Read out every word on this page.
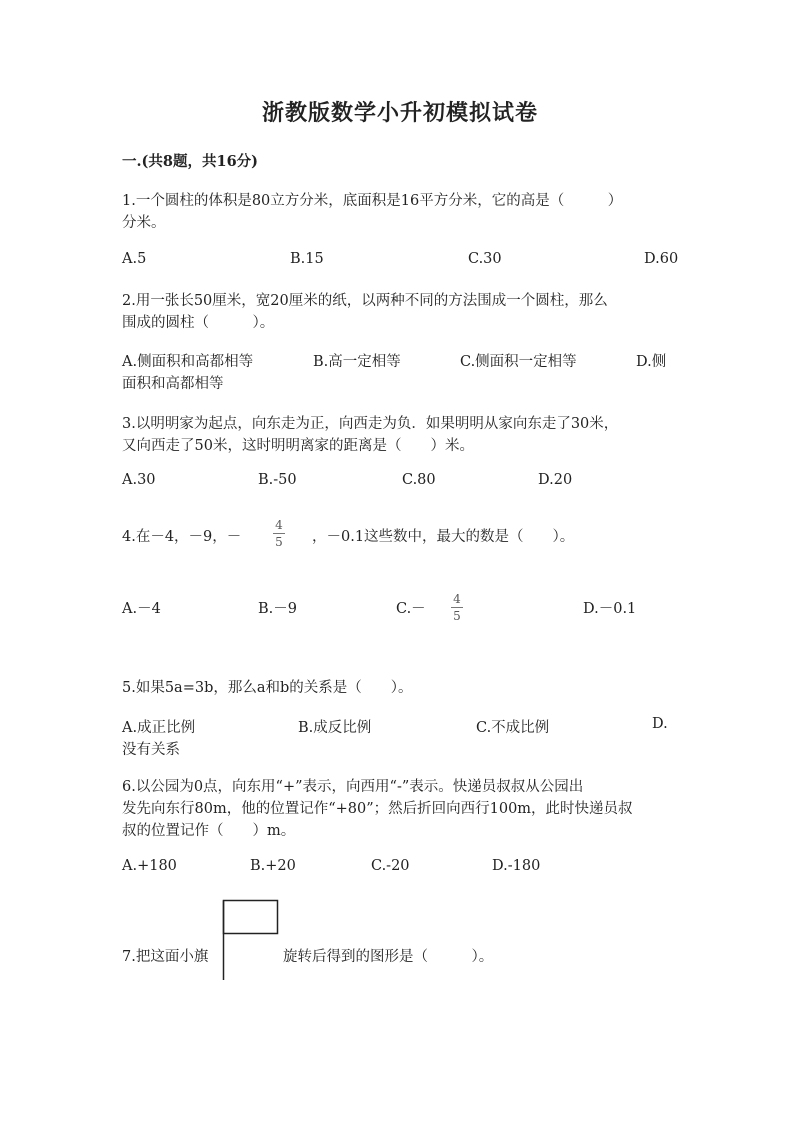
浙教版数学小升初模拟试卷
一.(共8题，共16分)
1.一个圆柱的体积是80立方分米，底面积是16平方分米，它的高是（　　　）
分米。
A.5	B.15	C.30	D.60
2.用一张长50厘米，宽20厘米的纸，以两种不同的方法围成一个圆柱，那么
围成的圆柱（　　　）。
A.侧面积和高都相等	B.高一定相等	C.侧面积一定相等	D.侧
面积和高都相等
3.以明明家为起点，向东走为正，向西走为负．如果明明从家向东走了30米，
又向西走了50米，这时明明离家的距离是（　　）米。
A.30	B.-50	C.80	D.20
4.在－4，－9，－
4
5 ，－0.1这些数中，最大的数是（　　）。
A.－4	B.－9	C.－
4
5	D.－0.1
5.如果5a=3b，那么a和b的关系是（　　）。
A.成正比例	B.成反比例	C.不成比例	D.
没有关系
6.以公园为0点，向东用“+”表示，向西用“-”表示。快递员叔叔从公园出
发先向东行80m，他的位置记作“+80”；然后折回向西行100m，此时快递员叔
叔的位置记作（　　）m。
A.+180	B.+20	C.-20	D.-180
7.把这面小旗	旋转后得到的图形是（　　　）。
